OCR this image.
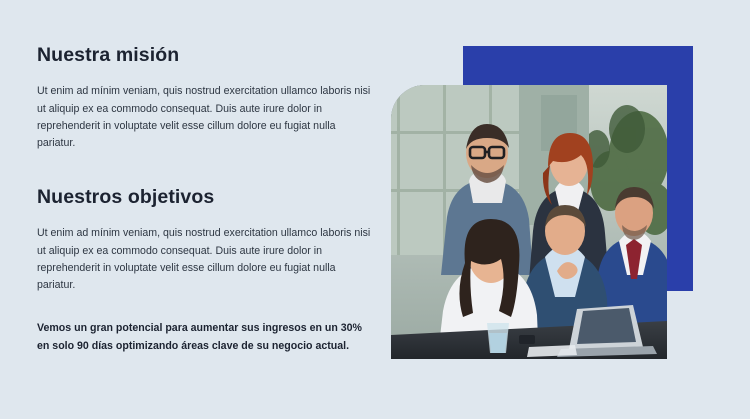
Nuestra misión

Ut enim ad mínim veniam, quis nostrud exercitation ullamco laboris nisi ut aliquip ex ea commodo consequat. Duis aute irure dolor in reprehenderit in voluptate velit esse cillum dolore eu fugiat nulla pariatur.

Nuestros objetivos

Ut enim ad mínim veniam, quis nostrud exercitation ullamco laboris nisi ut aliquip ex ea commodo consequat. Duis aute irure dolor in reprehenderit in voluptate velit esse cillum dolore eu fugiat nulla pariatur.

Vemos un gran potencial para aumentar sus ingresos en un 30% en solo 90 días optimizando áreas clave de su negocio actual.
